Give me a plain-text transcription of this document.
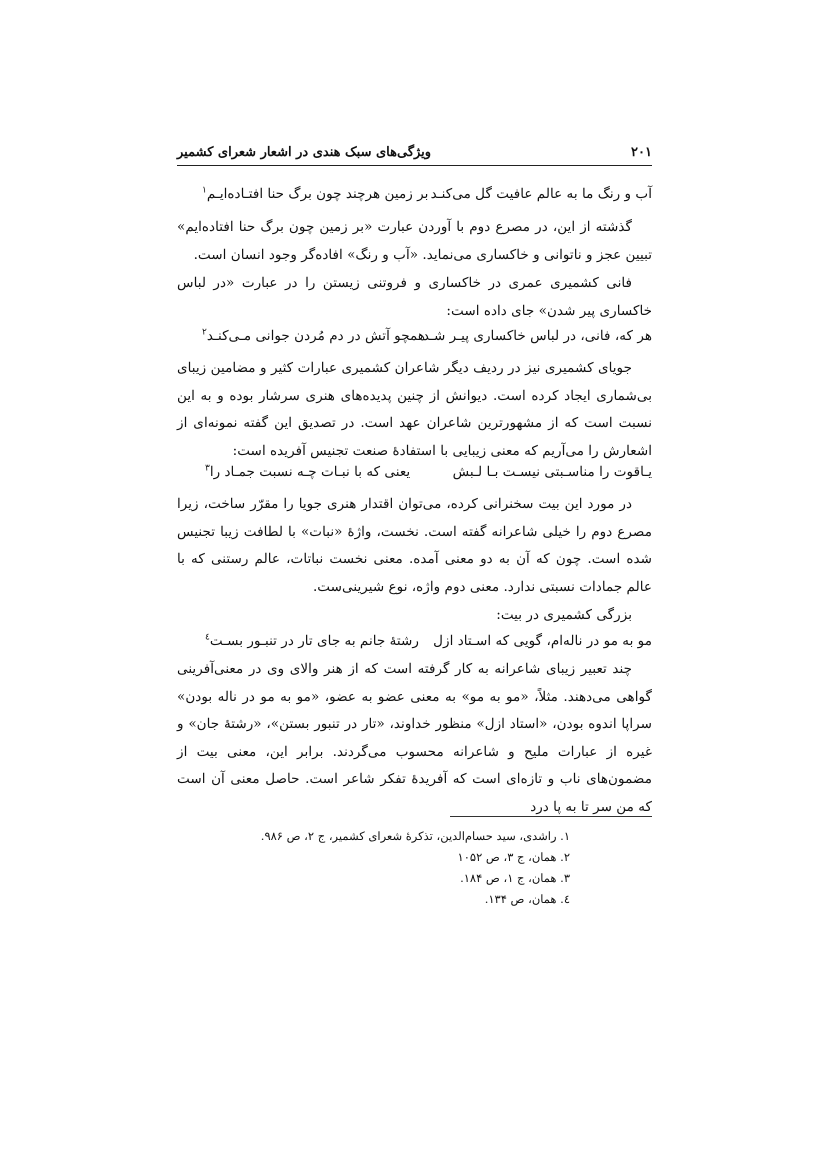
۲۰۱
ویژگی‌های سبک هندی در اشعار شعرای کشمیر
آب و رنگ ما به عالم عافیت گل می‌کنـد
بر زمین هرچند چون برگ حنا افتـاده‌ایـم$^۱$

گذشته از این، در مصرع دوم با آوردن عبارت «بر زمین چون برگ حنا افتاده‌ایم» تبیین عجز و ناتوانی و خاکساری می‌نماید. «آب و رنگ» افاده‌گر وجود انسان است.

فانی کشمیری عمری در خاکساری و فروتنی زیستن را در عبارت «در لباس خاکساری پیر شدن» جای داده است:

هر که، فانی، در لباس خاکساری پیـر شـد
همچو آتش در دم مُردن جوانی مـی‌کنـد$^۲$

جویای کشمیری نیز در ردیف دیگر شاعران کشمیری عبارات کثیر و مضامین زیبای بی‌شماری ایجاد کرده است. دیوانش از چنین پدیده‌های هنری سرشار بوده و به این نسبت است که از مشهورترین شاعران عهد است. در تصدیق این گفته نمونه‌ای از اشعارش را می‌آریم که معنی زیبایی با استفادهٔ صنعت تجنیس آفریده است:

یـاقوت را مناسـبتی نیسـت بـا لـبش
یعنی که با نبـات چـه نسبت جمـاد را$^۳$

در مورد این بیت سخنرانی کرده، می‌توان اقتدار هنری جویا را مقرّر ساخت، زیرا مصرع دوم را خیلی شاعرانه گفته است. نخست، واژهٔ «نبات» با لطافت زیبا تجنیس شده است. چون که آن به دو معنی آمده. معنی نخست نباتات، عالم رستنی که با عالم جمادات نسبتی ندارد. معنی دوم واژه، نوع شیرینی‌ست.

بزرگی کشمیری در بیت:

مو به مو در ناله‌ام، گویی که اسـتاد ازل
رشتهٔ جانم به جای تار در تنبـور بسـت$^٤$

چند تعبیر زیبای شاعرانه به کار گرفته است که از هنر والای وی در معنی‌آفرینی گواهی می‌دهند. مثلاً، «مو به مو» به معنی عضو به عضو، «مو به مو در ناله بودن» سراپا اندوه بودن، «استاد ازل» منظور خداوند، «تار در تنبور بستن»، «رشتهٔ جان» و غیره از عبارات ملیح و شاعرانه محسوب می‌گردند. برابر این، معنی بیت از مضمون‌های ناب و تازه‌ای است که آفریدهٔ تفکر شاعر است. حاصل معنی آن است که من سر تا به پا درد

۱. راشدی، سید حسام‌الدین، تذکرهٔ شعرای کشمیر، ج ۲، ص ۹۸۶.
۲. همان، ج ۳، ص ۱۰۵۲
۳. همان، ج ۱، ص ۱۸۴.
٤. همان، ص ۱۳۴.
